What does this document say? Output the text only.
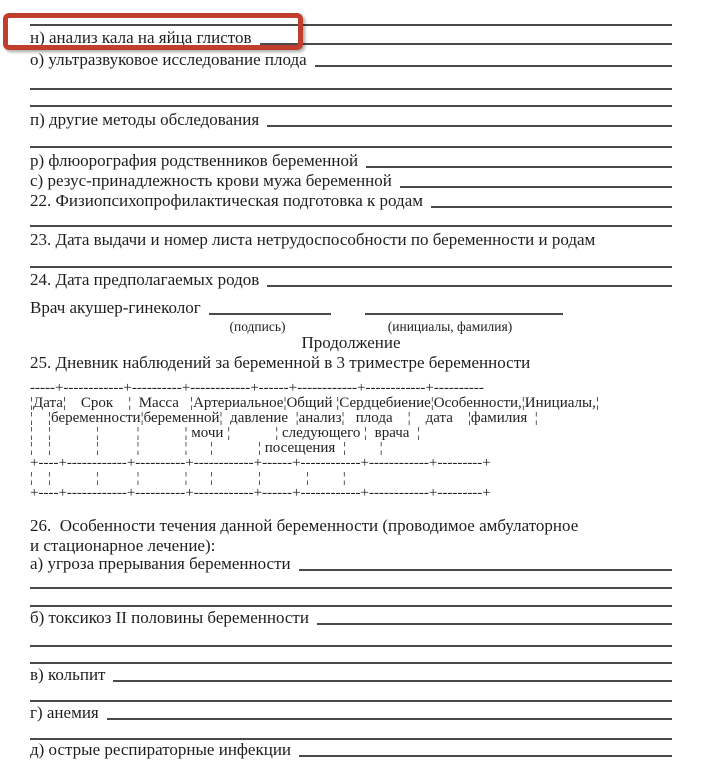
н) анализ кала на яйца глистов
о) ультразвуковое исследование плода
п) другие методы обследования
р) флюорография родственников беременной
с) резус-принадлежность крови мужа беременной
22. Физиопсихопрофилактическая подготовка к родам
23. Дата выдачи и номер листа нетрудоспособности по беременности и родам
24. Дата предполагаемых родов
Врач акушер-гинеколог
(подпись)	(инициалы, фамилия)
Продолжение
25. Дневник наблюдений за беременной в 3 триместре беременности
-----+------------+----------+------------+------+------------+------------+----------
¦Дата¦    Срок    ¦  Масса   ¦Артериальное¦Общий ¦Сердцебиение¦Особенности,¦Инициалы,¦
¦    ¦беременности¦беременной¦  давление  ¦анализ¦   плода    ¦    дата    ¦фамилия  ¦
¦    ¦            ¦          ¦            ¦ мочи ¦            ¦ следующего ¦  врача  ¦
¦    ¦            ¦          ¦            ¦      ¦            ¦ посещения  ¦         ¦
+----+------------+----------+------------+------+------------+------------+---------+
¦    ¦            ¦          ¦            ¦      ¦            ¦            ¦         ¦
+----+------------+----------+------------+------+------------+------------+---------+
26.  Особенности течения данной беременности (проводимое амбулаторное
и стационарное лечение):
а) угроза прерывания беременности
б) токсикоз II половины беременности
в) кольпит
г) анемия
д) острые респираторные инфекции
